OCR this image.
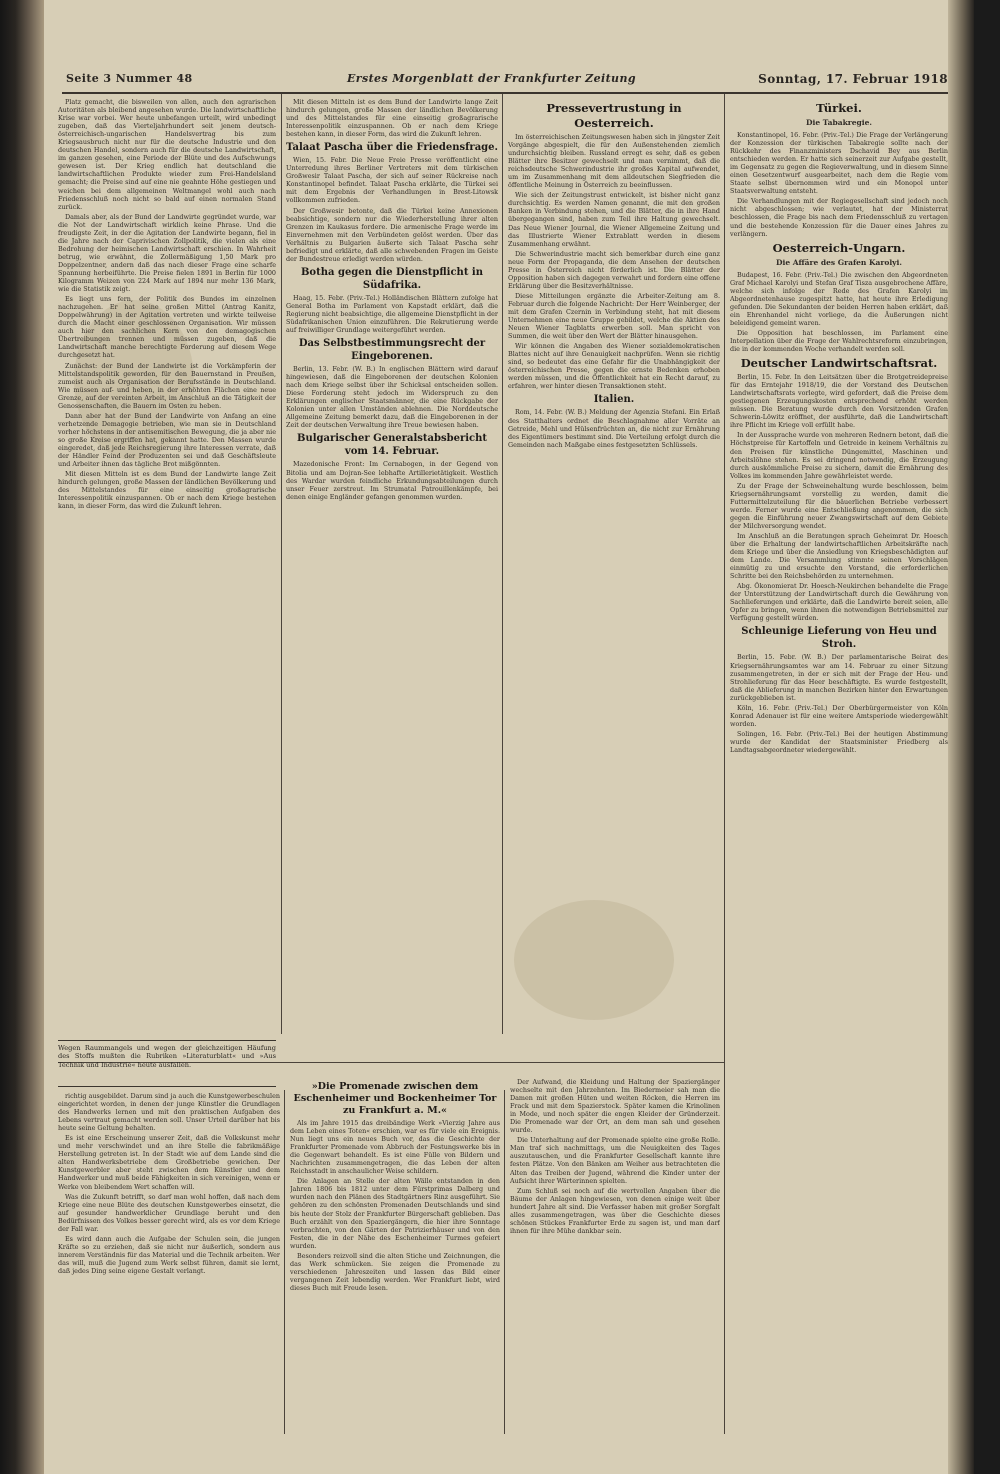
Seite 3 Nummer 48	Erstes Morgenblatt der Frankfurter Zeitung	Sonntag, 17. Februar 1918

Platz gemacht, die bisweilen von allen, auch den agrarischen Autoritäten als bleibend angesehen wurde. Die landwirtschaftliche Krise war vorbei. Wer heute unbefangen urteilt, wird unbedingt zugeben, daß das Vierteljahrhundert seit jenem deutsch-österreichisch-ungarischen Handelsvertrag bis zum Kriegsausbruch nicht nur für die deutsche Industrie und den deutschen Handel, sondern auch für die deutsche Landwirtschaft, im ganzen gesehen, eine Periode der Blüte und des Aufschwungs gewesen ist. Der Krieg endlich hat deutschland die landwirtschaftlichen Produkte wieder zum Frei-Handelsland gemacht; die Preise sind auf eine nie geahnte Höhe gestiegen und weichen bei dem allgemeinen Weltmangel wohl auch nach Friedensschluß noch nicht so bald auf einen normalen Stand zurück.

Damals aber, als der Bund der Landwirte gegründet wurde, war die Not der Landwirtschaft wirklich keine Phrase. Und die freudigste Zeit, in der die Agitation der Landwirte begann, fiel in die Jahre nach der Caprivischen Zollpolitik, die vielen als eine Bedrohung der heimischen Landwirtschaft erschien. In Wahrheit betrug, wie erwähnt, die Zollermäßigung 1,50 Mark pro Doppelzentner, andern daß das nach dieser Frage eine scharfe Spannung herbeiführte. Die Preise fielen 1891 in Berlin für 1000 Kilogramm Weizen von 224 Mark auf 1894 nur mehr 136 Mark, wie die Statistik zeigt.

Es liegt uns fern, der Politik des Bundes im einzelnen nachzugehen. Er hat seine großen Mittel (Antrag Kanitz, Doppelwährung) in der Agitation vertreten und wirkte teilweise durch die Macht einer geschlossenen Organisation. Wir müssen auch hier den sachlichen Kern von den demagogischen Übertreibungen trennen und müssen zugeben, daß die Landwirtschaft manche berechtigte Forderung auf diesem Wege durchgesetzt hat.

Zunächst: der Bund der Landwirte ist die Vorkämpferin der Mittelstandspolitik geworden, für den Bauernstand in Preußen, zumeist auch als Organisation der Berufsstände in Deutschland. Wie müssen auf- und heben, in der erhöhten Flächen eine neue Grenze, auf der vereinten Arbeit, im Anschluß an die Tätigkeit der Genossenschaften, die Bauern im Osten zu heben.

Dann aber hat der Bund der Landwirte von Anfang an eine verhetzende Demagogie betrieben, wie man sie in Deutschland vorher höchstens in der antisemitischen Bewegung, die ja aber nie so große Kreise ergriffen hat, gekannt hatte. Den Massen wurde eingeredet, daß jede Reichsregierung ihre Interessen verrate, daß der Händler Feind der Produzenten sei und daß Geschäftsleute und Arbeiter ihnen das tägliche Brot mißgönnten.

Mit diesen Mitteln ist es dem Bund der Landwirte lange Zeit hindurch gelungen, große Massen der ländlichen Bevölkerung und des Mittelstandes für eine einseitig großagrarische Interessenpolitik einzuspannen. Ob er nach dem Kriege bestehen kann, in dieser Form, das wird die Zukunft lehren.

Mit diesen Mitteln ist es dem Bund der Landwirte lange Zeit hindurch gelungen, große Massen der ländlichen Bevölkerung und des Mittelstandes für eine einseitig großagrarische Interessenpolitik einzuspannen. Ob er nach dem Kriege bestehen kann, in dieser Form, das wird die Zukunft lehren.

Talaat Pascha über die Friedensfrage.

Wien, 15. Febr. Die Neue Freie Presse veröffentlicht eine Unterredung ihres Berliner Vertreters mit dem türkischen Großwesir Talaat Pascha, der sich auf seiner Rückreise nach Konstantinopel befindet. Talaat Pascha erklärte, die Türkei sei mit dem Ergebnis der Verhandlungen in Brest-Litowsk vollkommen zufrieden.

Der Großwesir betonte, daß die Türkei keine Annexionen beabsichtige, sondern nur die Wiederherstellung ihrer alten Grenzen im Kaukasus fordere. Die armenische Frage werde im Einvernehmen mit den Verbündeten gelöst werden. Über das Verhältnis zu Bulgarien äußerte sich Talaat Pascha sehr befriedigt und erklärte, daß alle schwebenden Fragen im Geiste der Bundestreue erledigt werden würden.

Botha gegen die Dienstpflicht in Südafrika.

Haag, 15. Febr. (Priv.-Tel.) Holländischen Blättern zufolge hat General Botha im Parlament von Kapstadt erklärt, daß die Regierung nicht beabsichtige, die allgemeine Dienstpflicht in der Südafrikanischen Union einzuführen. Die Rekrutierung werde auf freiwilliger Grundlage weitergeführt werden.

Das Selbstbestimmungsrecht der Eingeborenen.

Berlin, 13. Febr. (W. B.) In englischen Blättern wird darauf hingewiesen, daß die Eingeborenen der deutschen Kolonien nach dem Kriege selbst über ihr Schicksal entscheiden sollen. Diese Forderung steht jedoch im Widerspruch zu den Erklärungen englischer Staatsmänner, die eine Rückgabe der Kolonien unter allen Umständen ablehnen. Die Norddeutsche Allgemeine Zeitung bemerkt dazu, daß die Eingeborenen in der Zeit der deutschen Verwaltung ihre Treue bewiesen haben.

Bulgarischer Generalstabsbericht vom 14. Februar.

Mazedonische Front: Im Cernabogen, in der Gegend von Bitolia und am Dojran-See lebhafte Artillerietätigkeit. Westlich des Wardar wurden feindliche Erkundungsabteilungen durch unser Feuer zerstreut. Im Strumatal Patrouillenkämpfe, bei denen einige Engländer gefangen genommen wurden.

Pressevertrustung in Oesterreich.

Im österreichischen Zeitungswesen haben sich in jüngster Zeit Vorgänge abgespielt, die für den Außenstehenden ziemlich undurchsichtig bleiben. Russland erregt es sehr, daß es geben Blätter ihre Besitzer gewechselt und man vernimmt, daß die reichsdeutsche Schwerindustrie ihr großes Kapital aufwendet, um im Zusammenhang mit dem alldeutschen Siegfrieden die öffentliche Meinung in Österreich zu beeinflussen.

Wie sich der Zeitungstrust entwickelt, ist bisher nicht ganz durchsichtig. Es werden Namen genannt, die mit den großen Banken in Verbindung stehen, und die Blätter, die in ihre Hand übergegangen sind, haben zum Teil ihre Haltung gewechselt. Das Neue Wiener Journal, die Wiener Allgemeine Zeitung und das Illustrierte Wiener Extrablatt werden in diesem Zusammenhang erwähnt.

Die Schwerindustrie macht sich bemerkbar durch eine ganz neue Form der Propaganda, die dem Ansehen der deutschen Presse in Österreich nicht förderlich ist. Die Blätter der Opposition haben sich dagegen verwahrt und fordern eine offene Erklärung über die Besitzverhältnisse.

Diese Mitteilungen ergänzte die Arbeiter-Zeitung am 8. Februar durch die folgende Nachricht: Der Herr Weinberger, der mit dem Grafen Czernin in Verbindung steht, hat mit diesem Unternehmen eine neue Gruppe gebildet, welche die Aktien des Neuen Wiener Tagblatts erwerben soll. Man spricht von Summen, die weit über den Wert der Blätter hinausgehen.

Wir können die Angaben des Wiener sozialdemokratischen Blattes nicht auf ihre Genauigkeit nachprüfen. Wenn sie richtig sind, so bedeutet das eine Gefahr für die Unabhängigkeit der österreichischen Presse, gegen die ernste Bedenken erhoben werden müssen, und die Öffentlichkeit hat ein Recht darauf, zu erfahren, wer hinter diesen Transaktionen steht.

Italien.

Rom, 14. Febr. (W. B.) Meldung der Agenzia Stefani. Ein Erlaß des Statthalters ordnet die Beschlagnahme aller Vorräte an Getreide, Mehl und Hülsenfrüchten an, die nicht zur Ernährung des Eigentümers bestimmt sind. Die Verteilung erfolgt durch die Gemeinden nach Maßgabe eines festgesetzten Schlüssels.

Türkei.
Die Tabakregie.

Konstantinopel, 16. Febr. (Priv.-Tel.) Die Frage der Verlängerung der Konzession der türkischen Tabakregie sollte nach der Rückkehr des Finanzministers Dschavid Bey aus Berlin entschieden werden. Er hatte sich seinerzeit zur Aufgabe gestellt, im Gegensatz zu gegen die Regieverwaltung, und in diesem Sinne einen Gesetzentwurf ausgearbeitet, nach dem die Regie vom Staate selbst übernommen wird und ein Monopol unter Staatsverwaltung entsteht.

Die Verhandlungen mit der Regiegesellschaft sind jedoch noch nicht abgeschlossen; wie verlautet, hat der Ministerrat beschlossen, die Frage bis nach dem Friedensschluß zu vertagen und die bestehende Konzession für die Dauer eines Jahres zu verlängern.

Oesterreich-Ungarn.
Die Affäre des Grafen Karolyi.

Budapest, 16. Febr. (Priv.-Tel.) Die zwischen den Abgeordneten Graf Michael Karolyi und Stefan Graf Tisza ausgebrochene Affäre, welche sich infolge der Rede des Grafen Karolyi im Abgeordnetenhause zugespitzt hatte, hat heute ihre Erledigung gefunden. Die Sekundanten der beiden Herren haben erklärt, daß ein Ehrenhandel nicht vorliege, da die Äußerungen nicht beleidigend gemeint waren.

Die Opposition hat beschlossen, im Parlament eine Interpellation über die Frage der Wahlrechtsreform einzubringen, die in der kommenden Woche verhandelt werden soll.

Deutscher Landwirtschaftsrat.

Berlin, 15. Febr. In den Leitsätzen über die Brotgetreidepreise für das Erntejahr 1918/19, die der Vorstand des Deutschen Landwirtschaftsrats vorlegte, wird gefordert, daß die Preise dem gestiegenen Erzeugungskosten entsprechend erhöht werden müssen. Die Beratung wurde durch den Vorsitzenden Grafen Schwerin-Löwitz eröffnet, der ausführte, daß die Landwirtschaft ihre Pflicht im Kriege voll erfüllt habe.

In der Aussprache wurde von mehreren Rednern betont, daß die Höchstpreise für Kartoffeln und Getreide in keinem Verhältnis zu den Preisen für künstliche Düngemittel, Maschinen und Arbeitslöhne stehen. Es sei dringend notwendig, die Erzeugung durch auskömmliche Preise zu sichern, damit die Ernährung des Volkes im kommenden Jahre gewährleistet werde.

Zu der Frage der Schweinehaltung wurde beschlossen, beim Kriegsernährungsamt vorstellig zu werden, damit die Futtermittelzuteilung für die bäuerlichen Betriebe verbessert werde. Ferner wurde eine Entschließung angenommen, die sich gegen die Einführung neuer Zwangswirtschaft auf dem Gebiete der Milchversorgung wendet.

Im Anschluß an die Beratungen sprach Geheimrat Dr. Hoesch über die Erhaltung der landwirtschaftlichen Arbeitskräfte nach dem Kriege und über die Ansiedlung von Kriegsbeschädigten auf dem Lande. Die Versammlung stimmte seinen Vorschlägen einmütig zu und ersuchte den Vorstand, die erforderlichen Schritte bei den Reichsbehörden zu unternehmen.

Abg. Ökonomierat Dr. Hoesch-Neukirchen behandelte die Frage der Unterstützung der Landwirtschaft durch die Gewährung von Sachlieferungen und erklärte, daß die Landwirte bereit seien, alle Opfer zu bringen, wenn ihnen die notwendigen Betriebsmittel zur Verfügung gestellt würden.

Schleunige Lieferung von Heu und Stroh.

Berlin, 15. Febr. (W. B.) Der parlamentarische Beirat des Kriegsernährungsamtes war am 14. Februar zu einer Sitzung zusammengetreten, in der er sich mit der Frage der Heu- und Strohlieferung für das Heer beschäftigte. Es wurde festgestellt, daß die Ablieferung in manchen Bezirken hinter den Erwartungen zurückgeblieben ist.

Köln, 16. Febr. (Priv.-Tel.) Der Oberbürgermeister von Köln Konrad Adenauer ist für eine weitere Amtsperiode wiedergewählt worden.

Solingen, 16. Febr. (Priv.-Tel.) Bei der heutigen Abstimmung wurde der Kandidat der Staatsminister Friedberg als Landtagsabgeordneter wiedergewählt.

Wegen Raummangels und wegen der gleichzeitigen Häufung des Stoffs mußten die Rubriken »Literaturblatt« und »Aus Technik und Industrie« heute ausfallen.

richtig ausgebildet. Darum sind ja auch die Kunstgewerbeschulen eingerichtet worden, in denen der junge Künstler die Grundlagen des Handwerks lernen und mit den praktischen Aufgaben des Lebens vertraut gemacht werden soll. Unser Urteil darüber hat bis heute seine Geltung behalten.

Es ist eine Erscheinung unserer Zeit, daß die Volkskunst mehr und mehr verschwindet und an ihre Stelle die fabrikmäßige Herstellung getreten ist. In der Stadt wie auf dem Lande sind die alten Handwerksbetriebe dem Großbetriebe gewichen. Der Kunstgewerbler aber steht zwischen dem Künstler und dem Handwerker und muß beide Fähigkeiten in sich vereinigen, wenn er Werke von bleibendem Wert schaffen will.

Was die Zukunft betrifft, so darf man wohl hoffen, daß nach dem Kriege eine neue Blüte des deutschen Kunstgewerbes einsetzt, die auf gesunder handwerklicher Grundlage beruht und den Bedürfnissen des Volkes besser gerecht wird, als es vor dem Kriege der Fall war.

Es wird dann auch die Aufgabe der Schulen sein, die jungen Kräfte so zu erziehen, daß sie nicht nur äußerlich, sondern aus innerem Verständnis für das Material und die Technik arbeiten. Wer das will, muß die Jugend zum Werk selbst führen, damit sie lernt, daß jedes Ding seine eigene Gestalt verlangt.

»Die Promenade zwischen dem Eschenheimer und Bockenheimer Tor zu Frankfurt a. M.«

Als im Jahre 1915 das dreibändige Werk »Vierzig Jahre aus dem Leben eines Toten« erschien, war es für viele ein Ereignis. Nun liegt uns ein neues Buch vor, das die Geschichte der Frankfurter Promenade vom Abbruch der Festungswerke bis in die Gegenwart behandelt. Es ist eine Fülle von Bildern und Nachrichten zusammengetragen, die das Leben der alten Reichsstadt in anschaulicher Weise schildern.

Die Anlagen an Stelle der alten Wälle entstanden in den Jahren 1806 bis 1812 unter dem Fürstprimas Dalberg und wurden nach den Plänen des Stadtgärtners Rinz ausgeführt. Sie gehören zu den schönsten Promenaden Deutschlands und sind bis heute der Stolz der Frankfurter Bürgerschaft geblieben. Das Buch erzählt von den Spaziergängern, die hier ihre Sonntage verbrachten, von den Gärten der Patrizierhäuser und von den Festen, die in der Nähe des Eschenheimer Turmes gefeiert wurden.

Besonders reizvoll sind die alten Stiche und Zeichnungen, die das Werk schmücken. Sie zeigen die Promenade zu verschiedenen Jahreszeiten und lassen das Bild einer vergangenen Zeit lebendig werden. Wer Frankfurt liebt, wird dieses Buch mit Freude lesen.

Der Aufwand, die Kleidung und Haltung der Spaziergänger wechselte mit den Jahrzehnten. Im Biedermeier sah man die Damen mit großen Hüten und weiten Röcken, die Herren im Frack und mit dem Spazierstock. Später kamen die Krinolinen in Mode, und noch später die engen Kleider der Gründerzeit. Die Promenade war der Ort, an dem man sah und gesehen wurde.

Die Unterhaltung auf der Promenade spielte eine große Rolle. Man traf sich nachmittags, um die Neuigkeiten des Tages auszutauschen, und die Frankfurter Gesellschaft kannte ihre festen Plätze. Von den Bänken am Weiher aus betrachteten die Alten das Treiben der Jugend, während die Kinder unter der Aufsicht ihrer Wärterinnen spielten.

Zum Schluß sei noch auf die wertvollen Angaben über die Bäume der Anlagen hingewiesen, von denen einige weit über hundert Jahre alt sind. Die Verfasser haben mit großer Sorgfalt alles zusammengetragen, was über die Geschichte dieses schönen Stückes Frankfurter Erde zu sagen ist, und man darf ihnen für ihre Mühe dankbar sein.
